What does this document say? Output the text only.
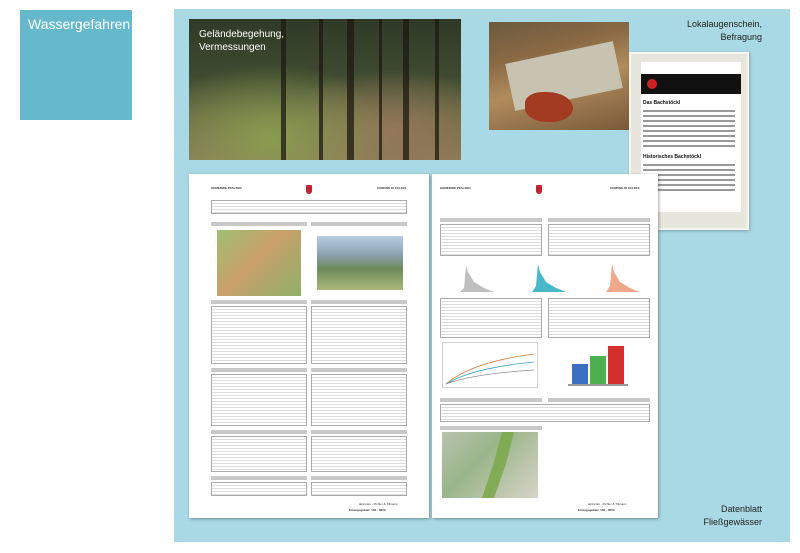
Wassergefahren
Geländebegehung,
Vermessungen
Das Bachstöckl
Historisches Bachstöckl
Lokalaugenschein,
Befragung
GEMEINDE PFALZEN	COMUNE DI FALZES
alpinplan - Pichler & Tillmann
Einzugsgebiet: 150 - 0000
GEMEINDE PFALZEN	COMUNE DI FALZES
alpinplan - Pichler & Tillmann
Einzugsgebiet: 150 - 0000	Datenblatt
Fließgewässer
